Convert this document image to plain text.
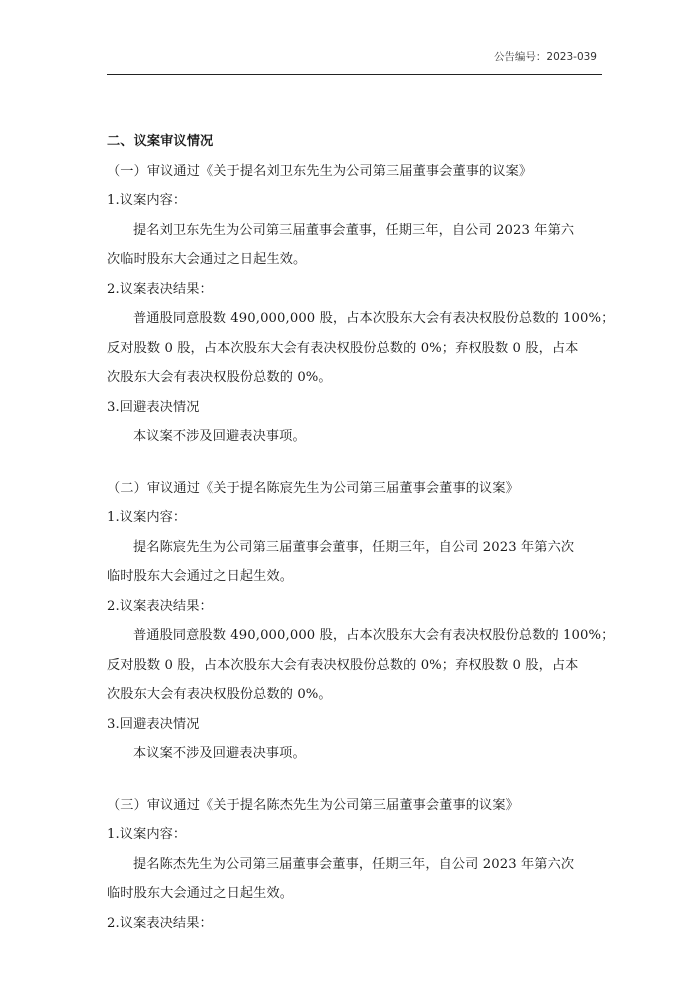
公告编号：2023-039
二、议案审议情况
（一）审议通过《关于提名刘卫东先生为公司第三届董事会董事的议案》
1.议案内容：
提名刘卫东先生为公司第三届董事会董事，任期三年，自公司 2023 年第六
次临时股东大会通过之日起生效。
2.议案表决结果：
普通股同意股数 490,000,000 股，占本次股东大会有表决权股份总数的 100%；
反对股数 0 股，占本次股东大会有表决权股份总数的 0%；弃权股数 0 股，占本
次股东大会有表决权股份总数的 0%。
3.回避表决情况
本议案不涉及回避表决事项。
（二）审议通过《关于提名陈宸先生为公司第三届董事会董事的议案》
1.议案内容：
提名陈宸先生为公司第三届董事会董事，任期三年，自公司 2023 年第六次
临时股东大会通过之日起生效。
2.议案表决结果：
普通股同意股数 490,000,000 股，占本次股东大会有表决权股份总数的 100%；
反对股数 0 股，占本次股东大会有表决权股份总数的 0%；弃权股数 0 股，占本
次股东大会有表决权股份总数的 0%。
3.回避表决情况
本议案不涉及回避表决事项。
（三）审议通过《关于提名陈杰先生为公司第三届董事会董事的议案》
1.议案内容：
提名陈杰先生为公司第三届董事会董事，任期三年，自公司 2023 年第六次
临时股东大会通过之日起生效。
2.议案表决结果：
